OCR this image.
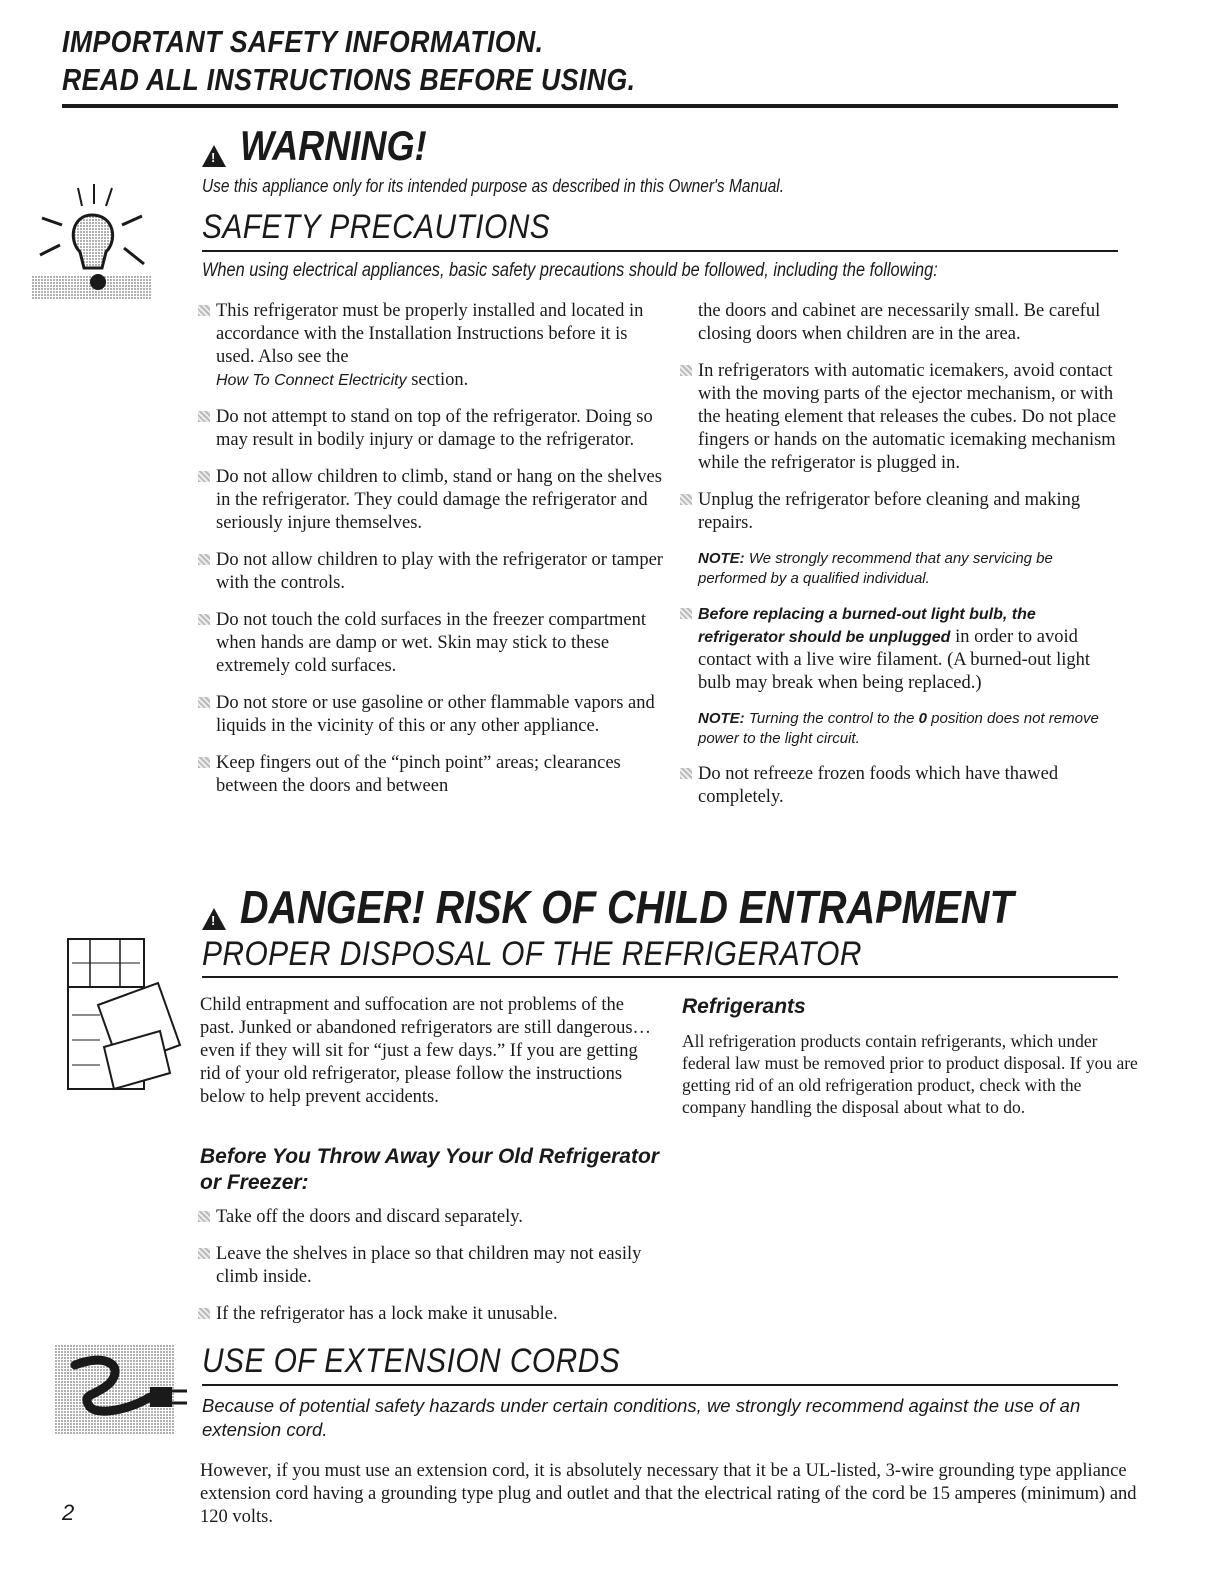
IMPORTANT SAFETY INFORMATION.
READ ALL INSTRUCTIONS BEFORE USING.
!WARNING!
Use this appliance only for its intended purpose as described in this Owner's Manual.
SAFETY PRECAUTIONS
When using electrical appliances, basic safety precautions should be followed, including the following:

This refrigerator must be properly installed and located in accordance with the Installation Instructions before it is used. Also see the
How To Connect Electricity section.

Do not attempt to stand on top of the refrigerator. Doing so may result in bodily injury or damage to the refrigerator.

Do not allow children to climb, stand or hang on the shelves in the refrigerator. They could damage the refrigerator and seriously injure themselves.

Do not allow children to play with the refrigerator or tamper with the controls.

Do not touch the cold surfaces in the freezer compartment when hands are damp or wet. Skin may stick to these extremely cold surfaces.

Do not store or use gasoline or other flammable vapors and liquids in the vicinity of this or any other appliance.

Keep fingers out of the “pinch point” areas; clearances between the doors and between

the doors and cabinet are necessarily small. Be careful closing doors when children are in the area.

In refrigerators with automatic icemakers, avoid contact with the moving parts of the ejector mechanism, or with the heating element that releases the cubes. Do not place fingers or hands on the automatic icemaking mechanism while the refrigerator is plugged in.

Unplug the refrigerator before cleaning and making repairs.

NOTE: We strongly recommend that any servicing be performed by a qualified individual.

Before replacing a burned-out light bulb, the refrigerator should be unplugged in order to avoid contact with a live wire filament. (A burned-out light bulb may break when being replaced.)

NOTE: Turning the control to the 0 position does not remove power to the light circuit.

Do not refreeze frozen foods which have thawed completely.

!DANGER! RISK OF CHILD ENTRAPMENT
PROPER DISPOSAL OF THE REFRIGERATOR
Child entrapment and suffocation are not problems of the past. Junked or abandoned refrigerators are still dangerous…even if they will sit for “just a few days.” If you are getting rid of your old refrigerator, please follow the instructions below to help prevent accidents.
Before You Throw Away Your Old Refrigerator or Freezer:

Take off the doors and discard separately.

Leave the shelves in place so that children may not easily climb inside.

If the refrigerator has a lock make it unusable.

Refrigerants
All refrigeration products contain refrigerants, which under federal law must be removed prior to product disposal. If you are getting rid of an old refrigeration product, check with the company handling the disposal about what to do.
USE OF EXTENSION CORDS
Because of potential safety hazards under certain conditions, we strongly recommend against the use of an extension cord.
However, if you must use an extension cord, it is absolutely necessary that it be a UL-listed, 3-wire grounding type appliance extension cord having a grounding type plug and outlet and that the electrical rating of the cord be 15 amperes (minimum) and 120 volts.
2
